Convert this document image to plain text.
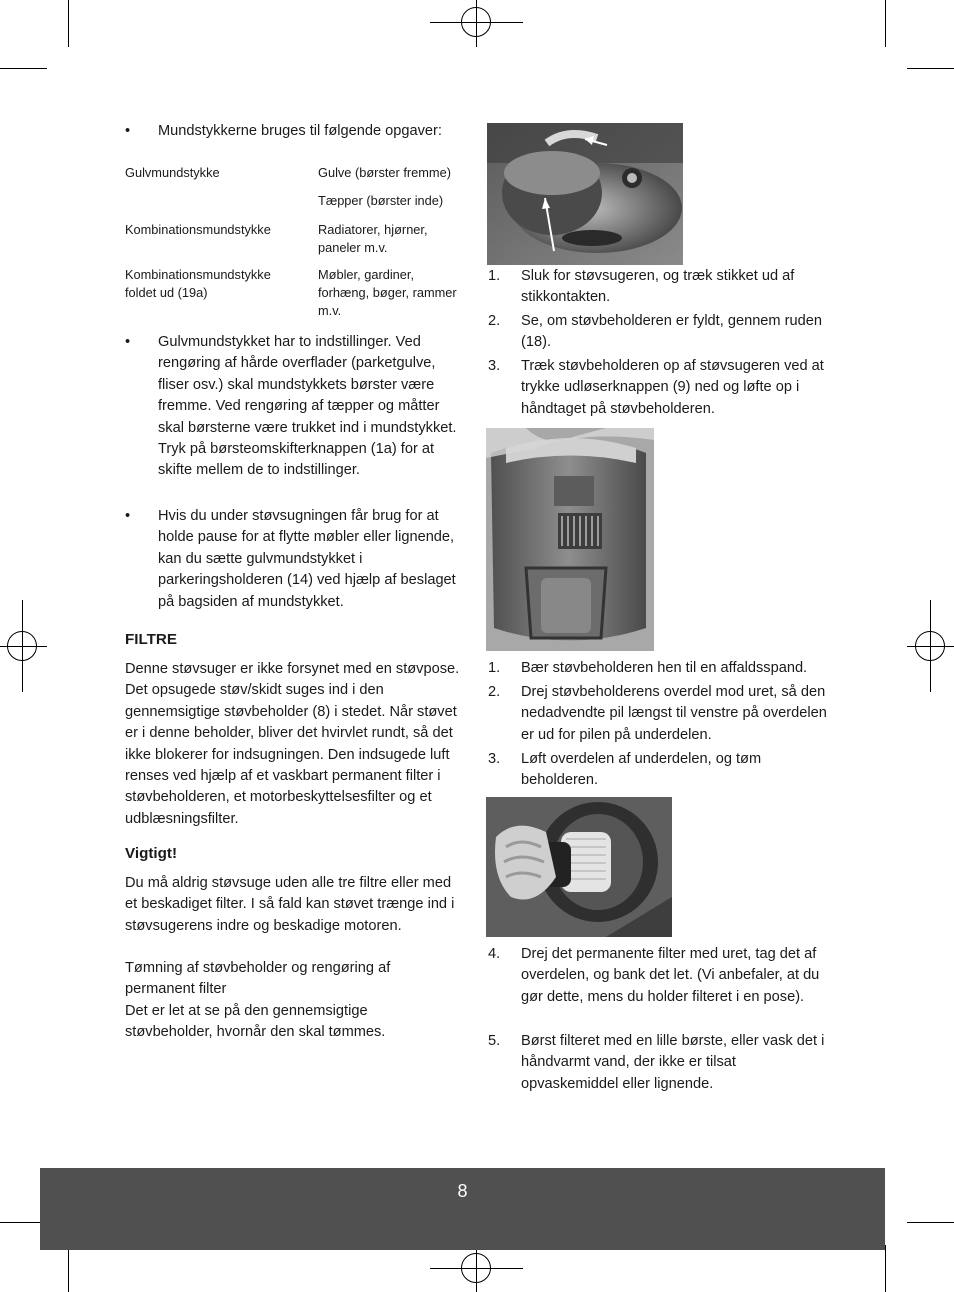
• Mundstykkerne bruges til følgende opgaver:
Gulvmundstykke	Gulve (børster fremme)
Tæpper (børster inde)
Kombinationsmundstykke	Radiatorer, hjørner, paneler m.v.
Kombinationsmundstykke foldet ud (19a)
Møbler, gardiner, forhæng, bøger, rammer m.v.
• Gulvmundstykket har to indstillinger. Ved rengøring af hårde overflader (parketgulve, fliser osv.) skal mundstykkets børster være fremme. Ved rengøring af tæpper og måtter skal børsterne være trukket ind i mundstykket. Tryk på børsteomskifterknappen (1a) for at skifte mellem de to indstillinger.
• Hvis du under støvsugningen får brug for at holde pause for at flytte møbler eller lignende, kan du sætte gulvmundstykket i parkeringsholderen (14) ved hjælp af beslaget på bagsiden af mundstykket.
FILTRE
Denne støvsuger er ikke forsynet med en støvpose. Det opsugede støv/skidt suges ind i den gennemsigtige støvbeholder (8) i stedet. Når støvet er i denne beholder, bliver det hvirvlet rundt, så det ikke blokerer for indsugningen. Den indsugede luft renses ved hjælp af et vaskbart permanent filter i støvbeholderen, et motorbeskyttelsesfilter og et udblæsningsfilter.
Vigtigt!
Du må aldrig støvsuge uden alle tre filtre eller med et beskadiget filter. I så fald kan støvet trænge ind i støvsugerens indre og beskadige motoren.
Tømning af støvbeholder og rengøring af permanent filter
Det er let at se på den gennemsigtige støvbeholder, hvornår den skal tømmes.
1. Sluk for støvsugeren, og træk stikket ud af stikkontakten.
2. Se, om støvbeholderen er fyldt, gennem ruden (18).
3. Træk støvbeholderen op af støvsugeren ved at trykke udløserknappen (9) ned og løfte op i håndtaget på støvbeholderen.
1. Bær støvbeholderen hen til en affaldsspand.
2. Drej støvbeholderens overdel mod uret, så den nedadvendte pil længst til venstre på overdelen er ud for pilen på underdelen.
3. Løft overdelen af underdelen, og tøm beholderen.
4. Drej det permanente filter med uret, tag det af overdelen, og bank det let. (Vi anbefaler, at du gør dette, mens du holder filteret i en pose).
5. Børst filteret med en lille børste, eller vask det i håndvarmt vand, der ikke er tilsat opvaskemiddel eller lignende.
8
